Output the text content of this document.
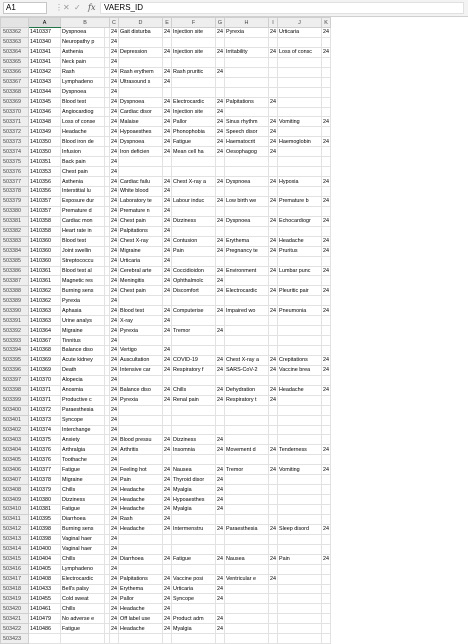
A1	⋮ ✕ ✓ fx	VAERS_ID
	A	B		C	D	E	F	G	H	I	J	K
503362	1410337	Dyspnoea		24	Gait disturba	24	Injection site	24	Pyrexia	24	Urticaria	24
503363	1410340	Neuropathy p		24								
503364	1410341	Asthenia		24	Depression	24	Injection site	24	Irritability	24	Loss of consc	24
503365	1410341	Neck pain		24								
503366	1410342	Rash		24	Rash erythem	24	Rash pruritic	24				
503367	1410343	Lymphadeno		24	Ultrasound s	24						
503368	1410344	Dyspnoea		24								
503369	1410345	Blood test		24	Dyspnoea	24	Electrocardic	24	Palpitations	24		
503370	1410346	Angiocardiog		24	Cardiac disor	24	Injection site	24				
503371	1410348	Loss of conse		24	Malaise	24	Pallor	24	Sinus rhythm	24	Vomiting	24
503372	1410349	Headache		24	Hypoaesthes	24	Phonophobia	24	Speech disor	24		
503373	1410350	Blood iron de		24	Dyspnoea	24	Fatigue	24	Haematocrit	24	Haemoglobin	24
503374	1410350	Infusion		24	Iron deficien	24	Mean cell ha	24	Oesophagog	24		
503375	1410351	Back pain		24								
503376	1410353	Chest pain		24								
503377	1410356	Asthenia		24	Cardiac failu	24	Chest X-ray a	24	Dyspnoea	24	Hypoxia	24
503378	1410356	Interstitial lu		24	White blood	24						
503379	1410357	Exposure dur		24	Laboratory te	24	Labour induc	24	Low birth we	24	Premature b	24
503380	1410357	Premature d		24	Premature n	24						
503381	1410358	Cardiac mon		24	Chest pain	24	Dizziness	24	Dyspnoea	24	Echocardiogr	24
503382	1410358	Heart rate in		24	Palpitations	24						
503383	1410360	Blood test		24	Chest X-ray	24	Contusion	24	Erythema	24	Headache	24
503384	1410360	Joint swellin		24	Migraine	24	Pain	24	Pregnancy te	24	Pruritus	24
503385	1410360	Streptococcu		24	Urticaria	24						
503386	1410361	Blood test al		24	Cerebral arte	24	Coccidioidon	24	Environment	24	Lumbar punc	24
503387	1410361	Magnetic res		24	Meningitis	24	Ophthalmolc	24				
503388	1410362	Burning sens		24	Chest pain	24	Discomfort	24	Electrocardic	24	Pleuritic pair	24
503389	1410362	Pyrexia		24								
503390	1410363	Aphasia		24	Blood test	24	Computerise	24	Impaired wo	24	Pneumonia	24
503391	1410363	Urine analys		24	X-ray	24						
503392	1410364	Migraine		24	Pyrexia	24	Tremor	24				
503393	1410367	Tinnitus		24								
503394	1410368	Balance diso		24	Vertigo	24						
503395	1410369	Acute kidney		24	Auscultation	24	COVID-19	24	Chest X-ray a	24	Crepitations	24
503396	1410369	Death		24	Intensive car	24	Respiratory f	24	SARS-CoV-2	24	Vaccine brea	24
503397	1410370	Alopecia		24								
503398	1410371	Anosmia		24	Balance diso	24	Chills	24	Dehydration	24	Headache	24
503399	1410371	Productive c		24	Pyrexia	24	Renal pain	24	Respiratory t	24		
503400	1410372	Paraesthesia		24								
503401	1410373	Syncope		24								
503402	1410374	Interchange		24								
503403	1410375	Anxiety		24	Blood pressu	24	Dizziness	24				
503404	1410376	Arthralgia		24	Arthritis	24	Insomnia	24	Movement d	24	Tenderness	24
503405	1410376	Toothache		24								
503406	1410377	Fatigue		24	Feeling hot	24	Nausea	24	Tremor	24	Vomiting	24
503407	1410378	Migraine		24	Pain	24	Thyroid disor	24				
503408	1410379	Chills		24	Headache	24	Myalgia	24				
503409	1410380	Dizziness		24	Headache	24	Hypoaesthes	24				
503410	1410381	Fatigue		24	Headache	24	Myalgia	24				
503411	1410395	Diarrhoea		24	Rash	24						
503412	1410398	Burning sens		24	Headache	24	Intermenstru	24	Paraesthesia	24	Sleep disord	24
503413	1410398	Vaginal haer		24								
503414	1410400	Vaginal haer		24								
503415	1410404	Chills		24	Diarrhoea	24	Fatigue	24	Nausea	24	Pain	24
503416	1410405	Lymphadeno		24								
503417	1410408	Electrocardic		24	Palpitations	24	Vaccine posi	24	Ventricular e	24		
503418	1410433	Bell's palsy		24	Erythema	24	Urticaria	24				
503419	1410455	Cold sweat		24	Pallor	24	Syncope	24				
503420	1410461	Chills		24	Headache	24						
503421	1410479	No adverse e		24	Off label use	24	Product adm	24				
503422	1410486	Fatigue		24	Headache	24	Myalgia	24				
503423												
